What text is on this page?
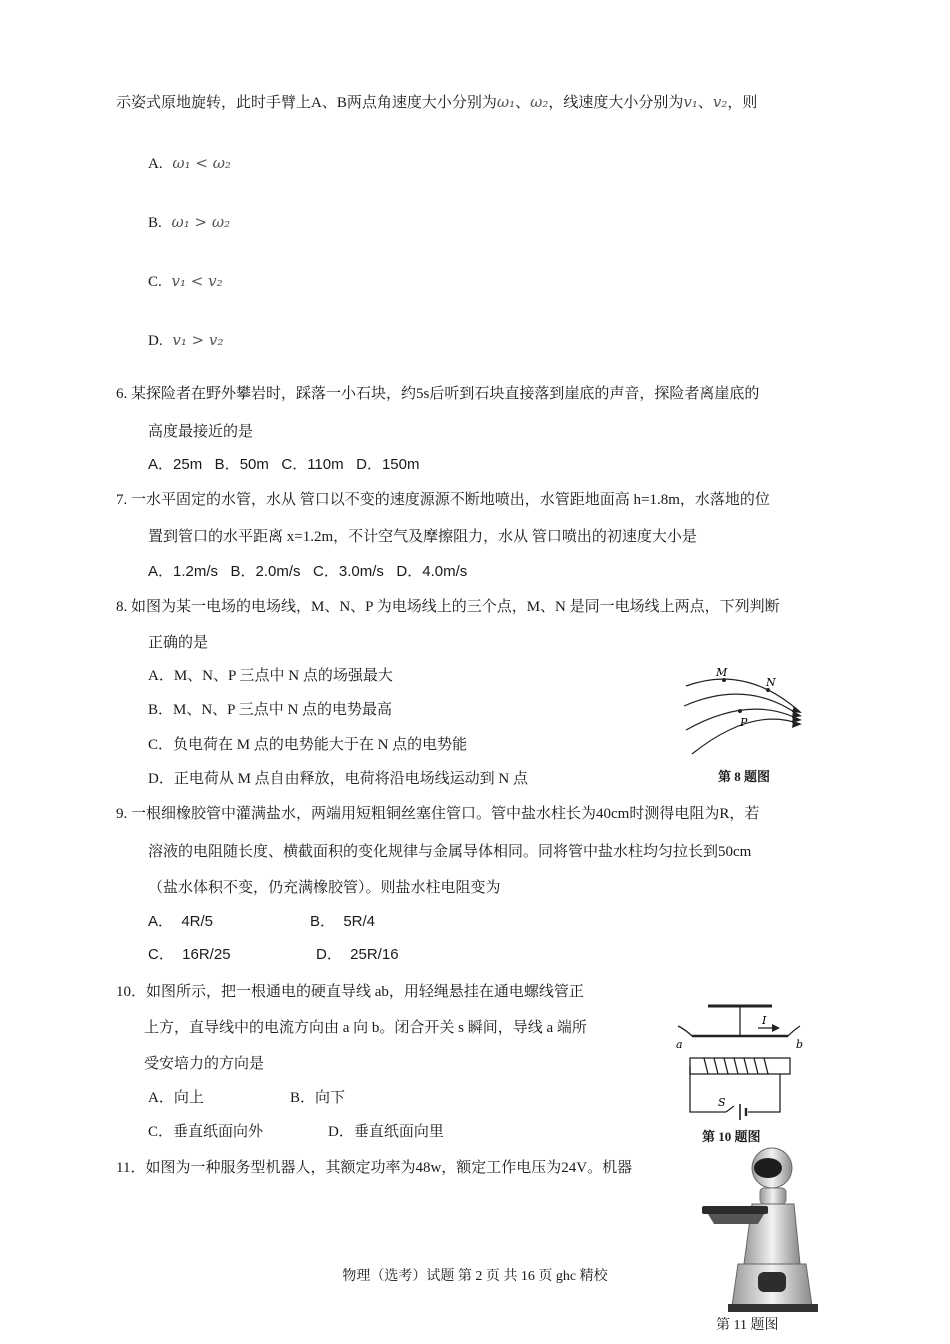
示姿式原地旋转，此时手臂上A、B两点角速度大小分别为ω₁、ω₂，线速度大小分别为v₁、v₂，则
A. ω₁ < ω₂
B. ω₁ > ω₂
C. v₁ < v₂
D. v₁ > v₂
6. 某探险者在野外攀岩时，踩落一小石块，约5s后听到石块直接落到崖底的声音，探险者离崖底的
高度最接近的是
A．25m   B．50m   C．110m   D．150m
7. 一水平固定的水管，水从 管口以不变的速度源源不断地喷出，水管距地面高 h=1.8m，水落地的位
置到管口的水平距离 x=1.2m，不计空气及摩擦阻力，水从 管口喷出的初速度大小是
A．1.2m/s   B．2.0m/s   C．3.0m/s   D．4.0m/s
8. 如图为某一电场的电场线，M、N、P 为电场线上的三个点，M、N 是同一电场线上两点，下列判断
正确的是
A．M、N、P 三点中 N 点的场强最大
B．M、N、P 三点中 N 点的电势最高
C．负电荷在 M 点的电势能大于在 N 点的电势能
D．正电荷从 M 点自由释放，电荷将沿电场线运动到 N 点
M
N
P
第 8 题图
9. 一根细橡胶管中灌满盐水，两端用短粗铜丝塞住管口。管中盐水柱长为40cm时测得电阻为R，若
溶液的电阻随长度、横截面积的变化规律与金属导体相同。同将管中盐水柱均匀拉长到50cm
（盐水体积不变，仍充满橡胶管）。则盐水柱电阻变为
A．  4R/5	B．  5R/4
C．  16R/25	D．  25R/16
10．如图所示，把一根通电的硬直导线 ab，用轻绳悬挂在通电螺线管正
上方，直导线中的电流方向由 a 向 b。闭合开关 s 瞬间，导线 a 端所
受安培力的方向是
A．向上	B．向下
C．垂直纸面向外	D．垂直纸面向里
a	b
I
S
第 10 题图
11．如图为一种服务型机器人，其额定功率为48w，额定工作电压为24V。机器
第 11 题图
物理（选考）试题 第 2 页 共 16 页 ghc 精校
